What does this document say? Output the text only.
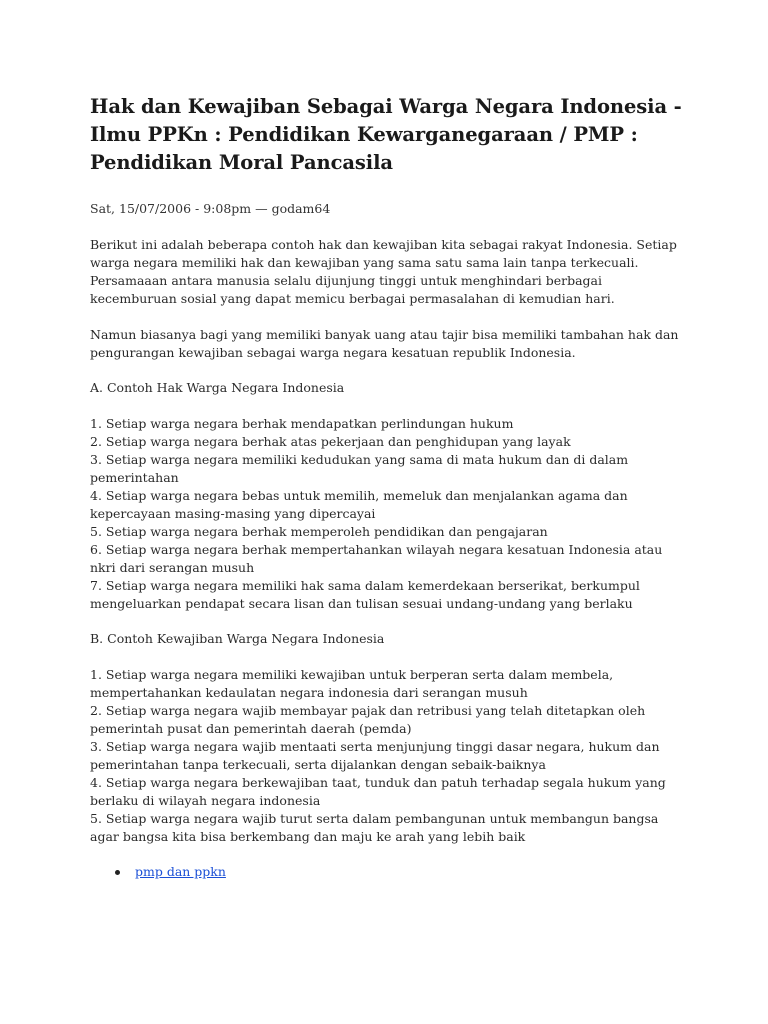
Hak dan Kewajiban Sebagai Warga Negara Indonesia - Ilmu PPKn : Pendidikan Kewarganegaraan / PMP : Pendidikan Moral Pancasila
Sat, 15/07/2006 - 9:08pm — godam64

Berikut ini adalah beberapa contoh hak dan kewajiban kita sebagai rakyat Indonesia. Setiap warga negara memiliki hak dan kewajiban yang sama satu sama lain tanpa terkecuali. Persamaaan antara manusia selalu dijunjung tinggi untuk menghindari berbagai kecemburuan sosial yang dapat memicu berbagai permasalahan di kemudian hari.

Namun biasanya bagi yang memiliki banyak uang atau tajir bisa memiliki tambahan hak dan pengurangan kewajiban sebagai warga negara kesatuan republik Indonesia.

A. Contoh Hak Warga Negara Indonesia
1. Setiap warga negara berhak mendapatkan perlindungan hukum
2. Setiap warga negara berhak atas pekerjaan dan penghidupan yang layak
3. Setiap warga negara memiliki kedudukan yang sama di mata hukum dan di dalam pemerintahan
4. Setiap warga negara bebas untuk memilih, memeluk dan menjalankan agama dan kepercayaan masing-masing yang dipercayai
5. Setiap warga negara berhak memperoleh pendidikan dan pengajaran
6. Setiap warga negara berhak mempertahankan wilayah negara kesatuan Indonesia atau nkri dari serangan musuh
7. Setiap warga negara memiliki hak sama dalam kemerdekaan berserikat, berkumpul mengeluarkan pendapat secara lisan dan tulisan sesuai undang-undang yang berlaku
B. Contoh Kewajiban Warga Negara Indonesia
1. Setiap warga negara memiliki kewajiban untuk berperan serta dalam membela, mempertahankan kedaulatan negara indonesia dari serangan musuh
2. Setiap warga negara wajib membayar pajak dan retribusi yang telah ditetapkan oleh pemerintah pusat dan pemerintah daerah (pemda)
3. Setiap warga negara wajib mentaati serta menjunjung tinggi dasar negara, hukum dan pemerintahan tanpa terkecuali, serta dijalankan dengan sebaik-baiknya
4. Setiap warga negara berkewajiban taat, tunduk dan patuh terhadap segala hukum yang berlaku di wilayah negara indonesia
5. Setiap warga negara wajib turut serta dalam pembangunan untuk membangun bangsa agar bangsa kita bisa berkembang dan maju ke arah yang lebih baik
pmp dan ppkn
